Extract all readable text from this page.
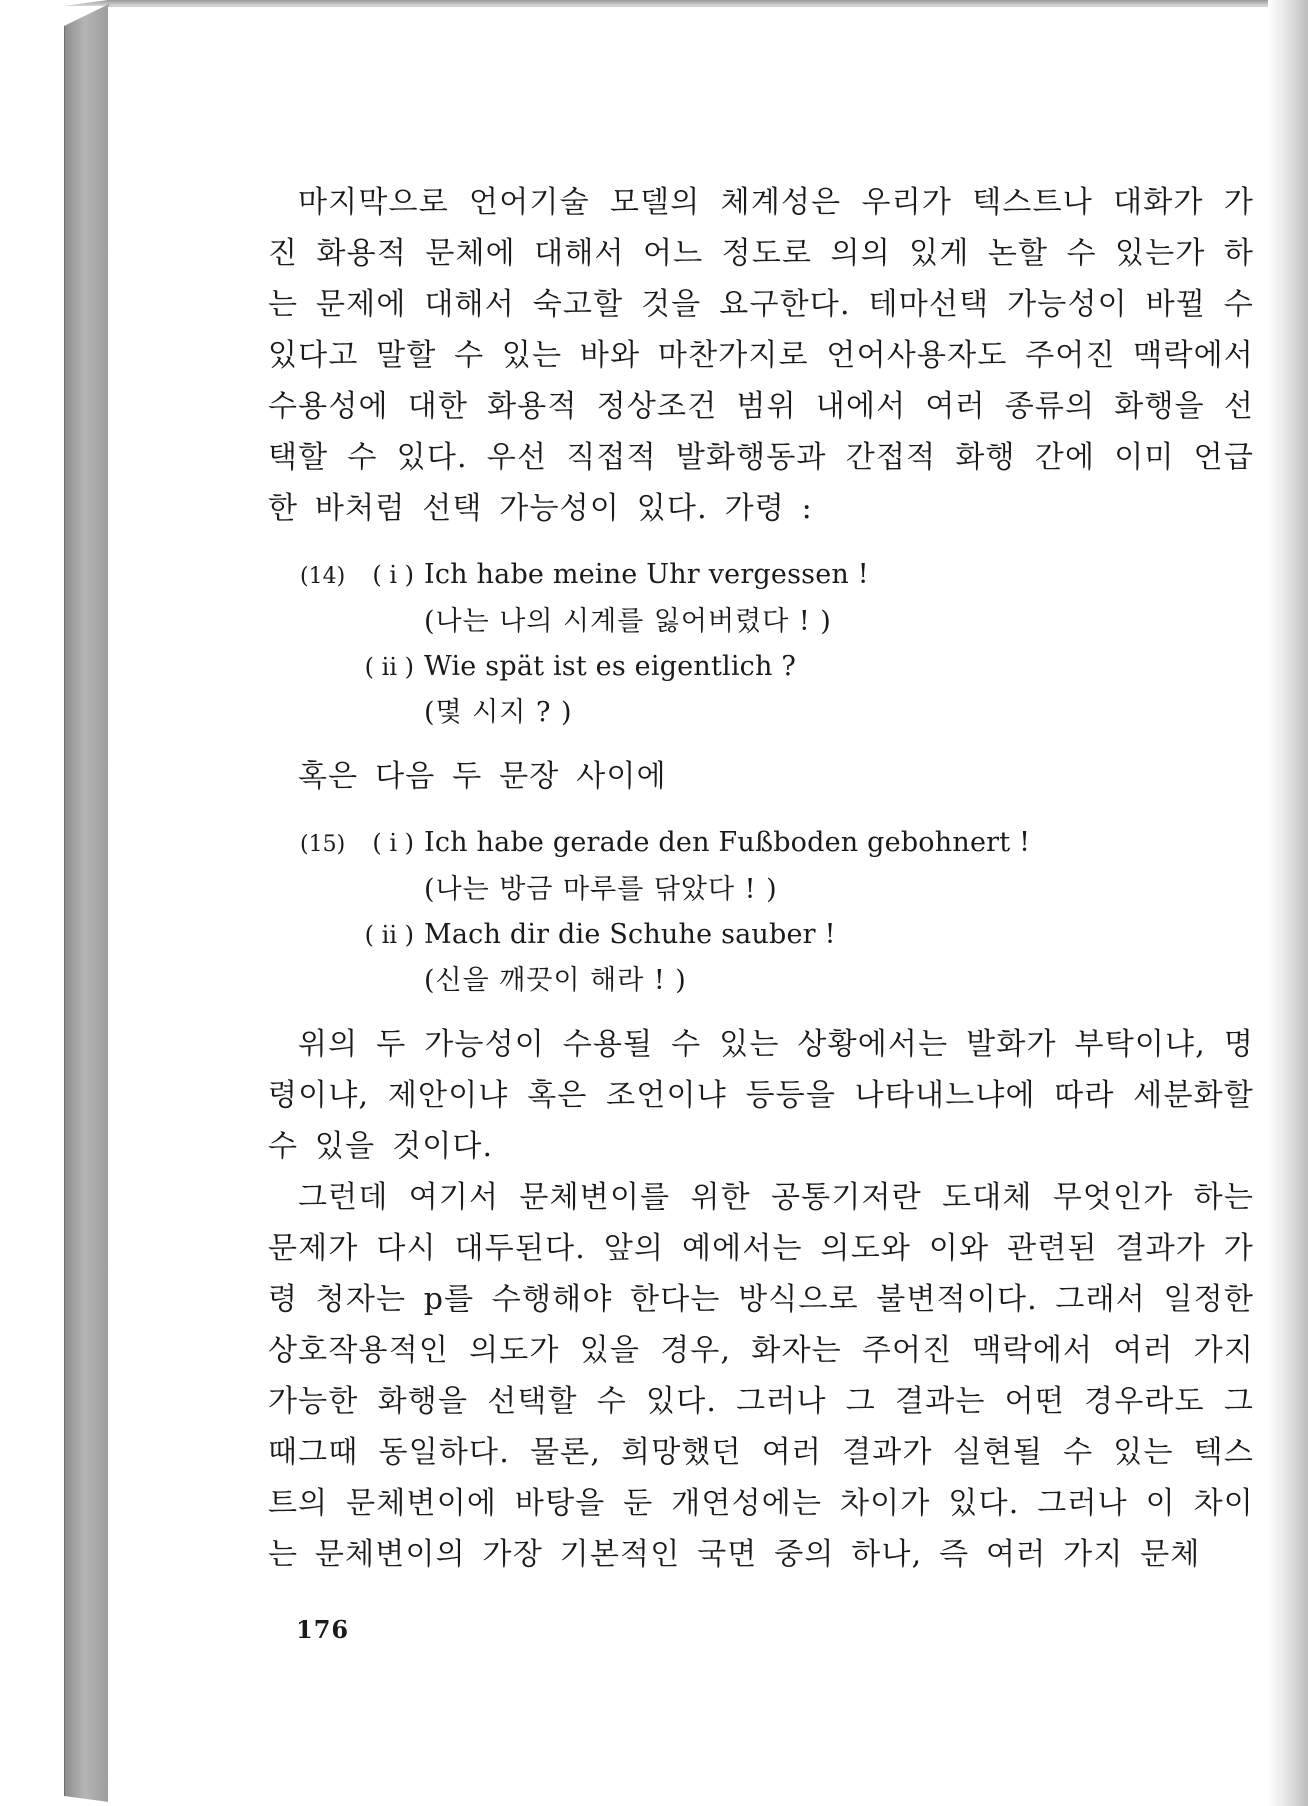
마지막으로 언어기술 모델의 체계성은 우리가 텍스트나 대화가 가진 화용적 문체에 대해서 어느 정도로 의의 있게 논할 수 있는가 하는 문제에 대해서 숙고할 것을 요구한다. 테마선택 가능성이 바뀔 수 있다고 말할 수 있는 바와 마찬가지로 언어사용자도 주어진 맥락에서 수용성에 대한 화용적 정상조건 범위 내에서 여러 종류의 화행을 선택할 수 있다. 우선 직접적 발화행동과 간접적 화행 간에 이미 언급한 바처럼 선택 가능성이 있다. 가령 :

(14)	( i ) Ich habe meine Uhr vergessen !
(나는 나의 시계를 잃어버렸다 ! )
( ii ) Wie spät ist es eigentlich ?
(몇 시지 ? )

혹은 다음 두 문장 사이에

(15)	( i ) Ich habe gerade den Fußboden gebohnert !
(나는 방금 마루를 닦았다 ! )
( ii ) Mach dir die Schuhe sauber !
(신을 깨끗이 해라 ! )

위의 두 가능성이 수용될 수 있는 상황에서는 발화가 부탁이냐, 명령이냐, 제안이냐 혹은 조언이냐 등등을 나타내느냐에 따라 세분화할 수 있을 것이다.

그런데 여기서 문체변이를 위한 공통기저란 도대체 무엇인가 하는 문제가 다시 대두된다. 앞의 예에서는 의도와 이와 관련된 결과가 가령 청자는 p를 수행해야 한다는 방식으로 불변적이다. 그래서 일정한 상호작용적인 의도가 있을 경우, 화자는 주어진 맥락에서 여러 가지 가능한 화행을 선택할 수 있다. 그러나 그 결과는 어떤 경우라도 그때그때 동일하다. 물론, 희망했던 여러 결과가 실현될 수 있는 텍스트의 문체변이에 바탕을 둔 개연성에는 차이가 있다. 그러나 이 차이는 문체변이의 가장 기본적인 국면 중의 하나, 즉 여러 가지 문체

176
